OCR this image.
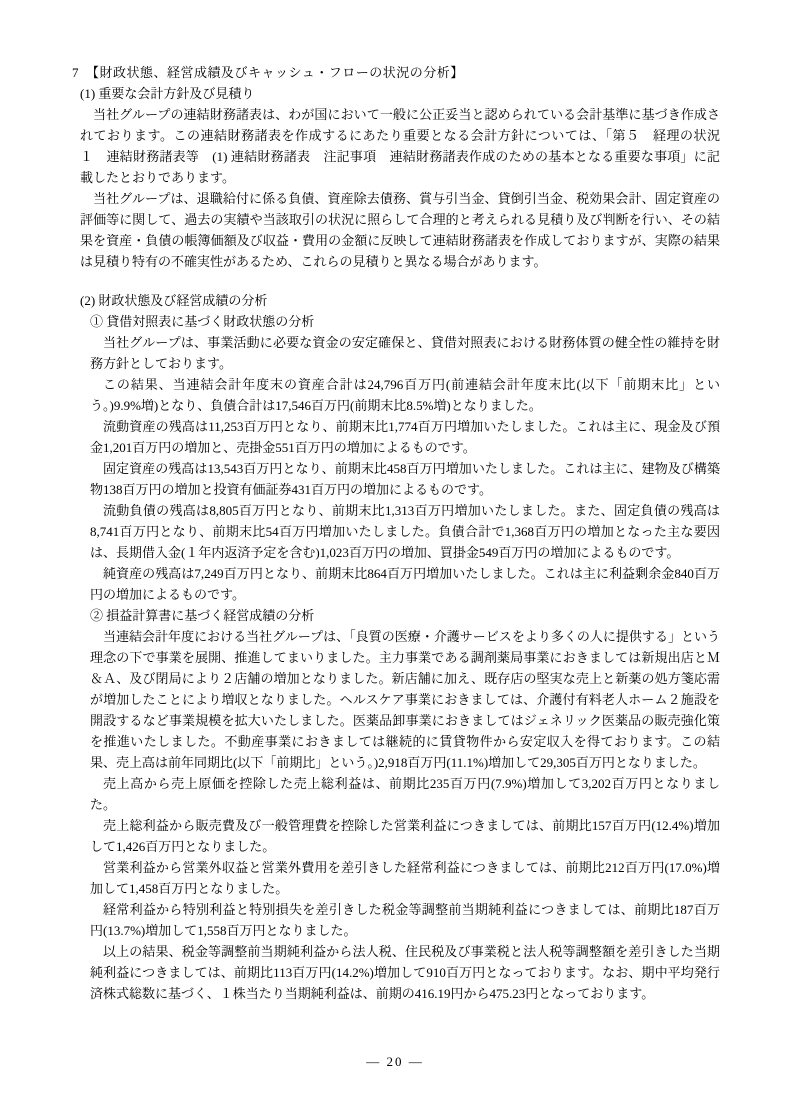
7　【財政状態、経営成績及びキャッシュ・フローの状況の分析】
(1) 重要な会計方針及び見積り
当社グループの連結財務諸表は、わが国において一般に公正妥当と認められている会計基準に基づき作成されております。この連結財務諸表を作成するにあたり重要となる会計方針については、「第５　経理の状況　１　連結財務諸表等　(1) 連結財務諸表　注記事項　連結財務諸表作成のための基本となる重要な事項」に記載したとおりであります。
当社グループは、退職給付に係る負債、資産除去債務、賞与引当金、貸倒引当金、税効果会計、固定資産の評価等に関して、過去の実績や当該取引の状況に照らして合理的と考えられる見積り及び判断を行い、その結果を資産・負債の帳簿価額及び収益・費用の金額に反映して連結財務諸表を作成しておりますが、実際の結果は見積り特有の不確実性があるため、これらの見積りと異なる場合があります。
(2) 財政状態及び経営成績の分析
① 貸借対照表に基づく財政状態の分析
当社グループは、事業活動に必要な資金の安定確保と、貸借対照表における財務体質の健全性の維持を財務方針としております。
この結果、当連結会計年度末の資産合計は24,796百万円(前連結会計年度末比(以下「前期末比」という。)9.9%増)となり、負債合計は17,546百万円(前期末比8.5%増)となりました。
流動資産の残高は11,253百万円となり、前期末比1,774百万円増加いたしました。これは主に、現金及び預金1,201百万円の増加と、売掛金551百万円の増加によるものです。
固定資産の残高は13,543百万円となり、前期末比458百万円増加いたしました。これは主に、建物及び構築物138百万円の増加と投資有価証券431百万円の増加によるものです。
流動負債の残高は8,805百万円となり、前期末比1,313百万円増加いたしました。また、固定負債の残高は8,741百万円となり、前期末比54百万円増加いたしました。負債合計で1,368百万円の増加となった主な要因は、長期借入金(１年内返済予定を含む)1,023百万円の増加、買掛金549百万円の増加によるものです。
純資産の残高は7,249百万円となり、前期末比864百万円増加いたしました。これは主に利益剰余金840百万円の増加によるものです。
② 損益計算書に基づく経営成績の分析
当連結会計年度における当社グループは、「良質の医療・介護サービスをより多くの人に提供する」という理念の下で事業を展開、推進してまいりました。主力事業である調剤薬局事業におきましては新規出店とＭ＆Ａ、及び閉局により２店舗の増加となりました。新店舗に加え、既存店の堅実な売上と新薬の処方箋応需が増加したことにより増収となりました。ヘルスケア事業におきましては、介護付有料老人ホーム２施設を開設するなど事業規模を拡大いたしました。医薬品卸事業におきましてはジェネリック医薬品の販売強化策を推進いたしました。不動産事業におきましては継続的に賃貸物件から安定収入を得ております。この結果、売上高は前年同期比(以下「前期比」という。)2,918百万円(11.1%)増加して29,305百万円となりました。
売上高から売上原価を控除した売上総利益は、前期比235百万円(7.9%)増加して3,202百万円となりました。
売上総利益から販売費及び一般管理費を控除した営業利益につきましては、前期比157百万円(12.4%)増加して1,426百万円となりました。
営業利益から営業外収益と営業外費用を差引きした経常利益につきましては、前期比212百万円(17.0%)増加して1,458百万円となりました。
経常利益から特別利益と特別損失を差引きした税金等調整前当期純利益につきましては、前期比187百万円(13.7%)増加して1,558百万円となりました。
以上の結果、税金等調整前当期純利益から法人税、住民税及び事業税と法人税等調整額を差引きした当期純利益につきましては、前期比113百万円(14.2%)増加して910百万円となっております。なお、期中平均発行済株式総数に基づく、１株当たり当期純利益は、前期の416.19円から475.23円となっております。
― 20 ―
